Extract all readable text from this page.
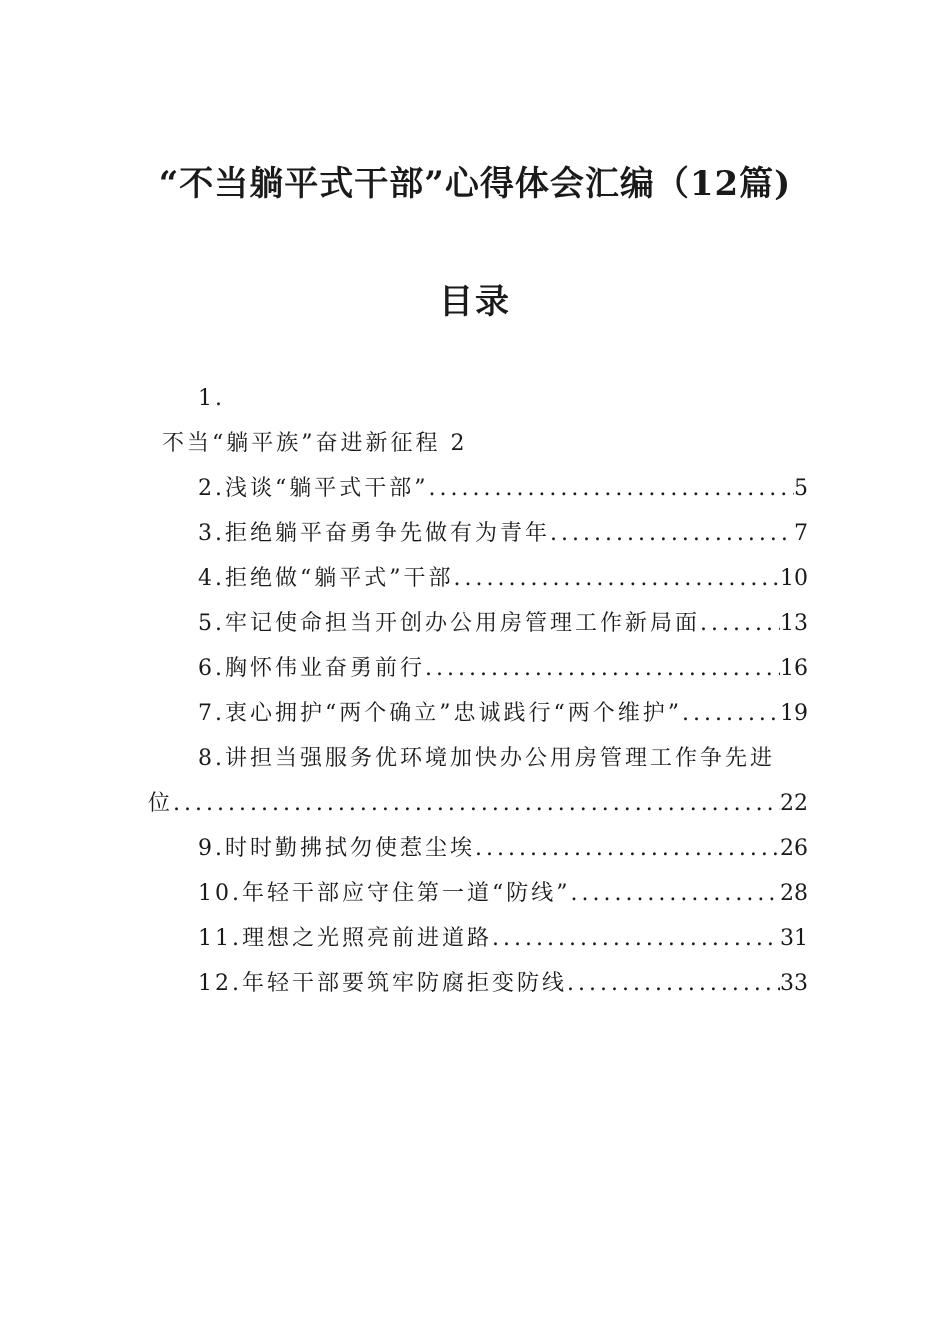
“不当躺平式干部”心得体会汇编（12篇)
目录
1.
不当“躺平族”奋进新征程 2
2.浅谈“躺平式干部” .....	5
3.拒绝躺平奋勇争先做有为青年 .....	7
4.拒绝做“躺平式”干部 .....	10
5.牢记使命担当开创办公用房管理工作新局面 .....	13
6.胸怀伟业奋勇前行 .....	16
7.衷心拥护“两个确立”忠诚践行“两个维护” .....	19
8.讲担当强服务优环境加快办公用房管理工作争先进
位 .....	22
9.时时勤拂拭勿使惹尘埃 .....	26
10.年轻干部应守住第一道“防线” .....	28
11.理想之光照亮前进道路 .....	31
12.年轻干部要筑牢防腐拒变防线 .....	33
